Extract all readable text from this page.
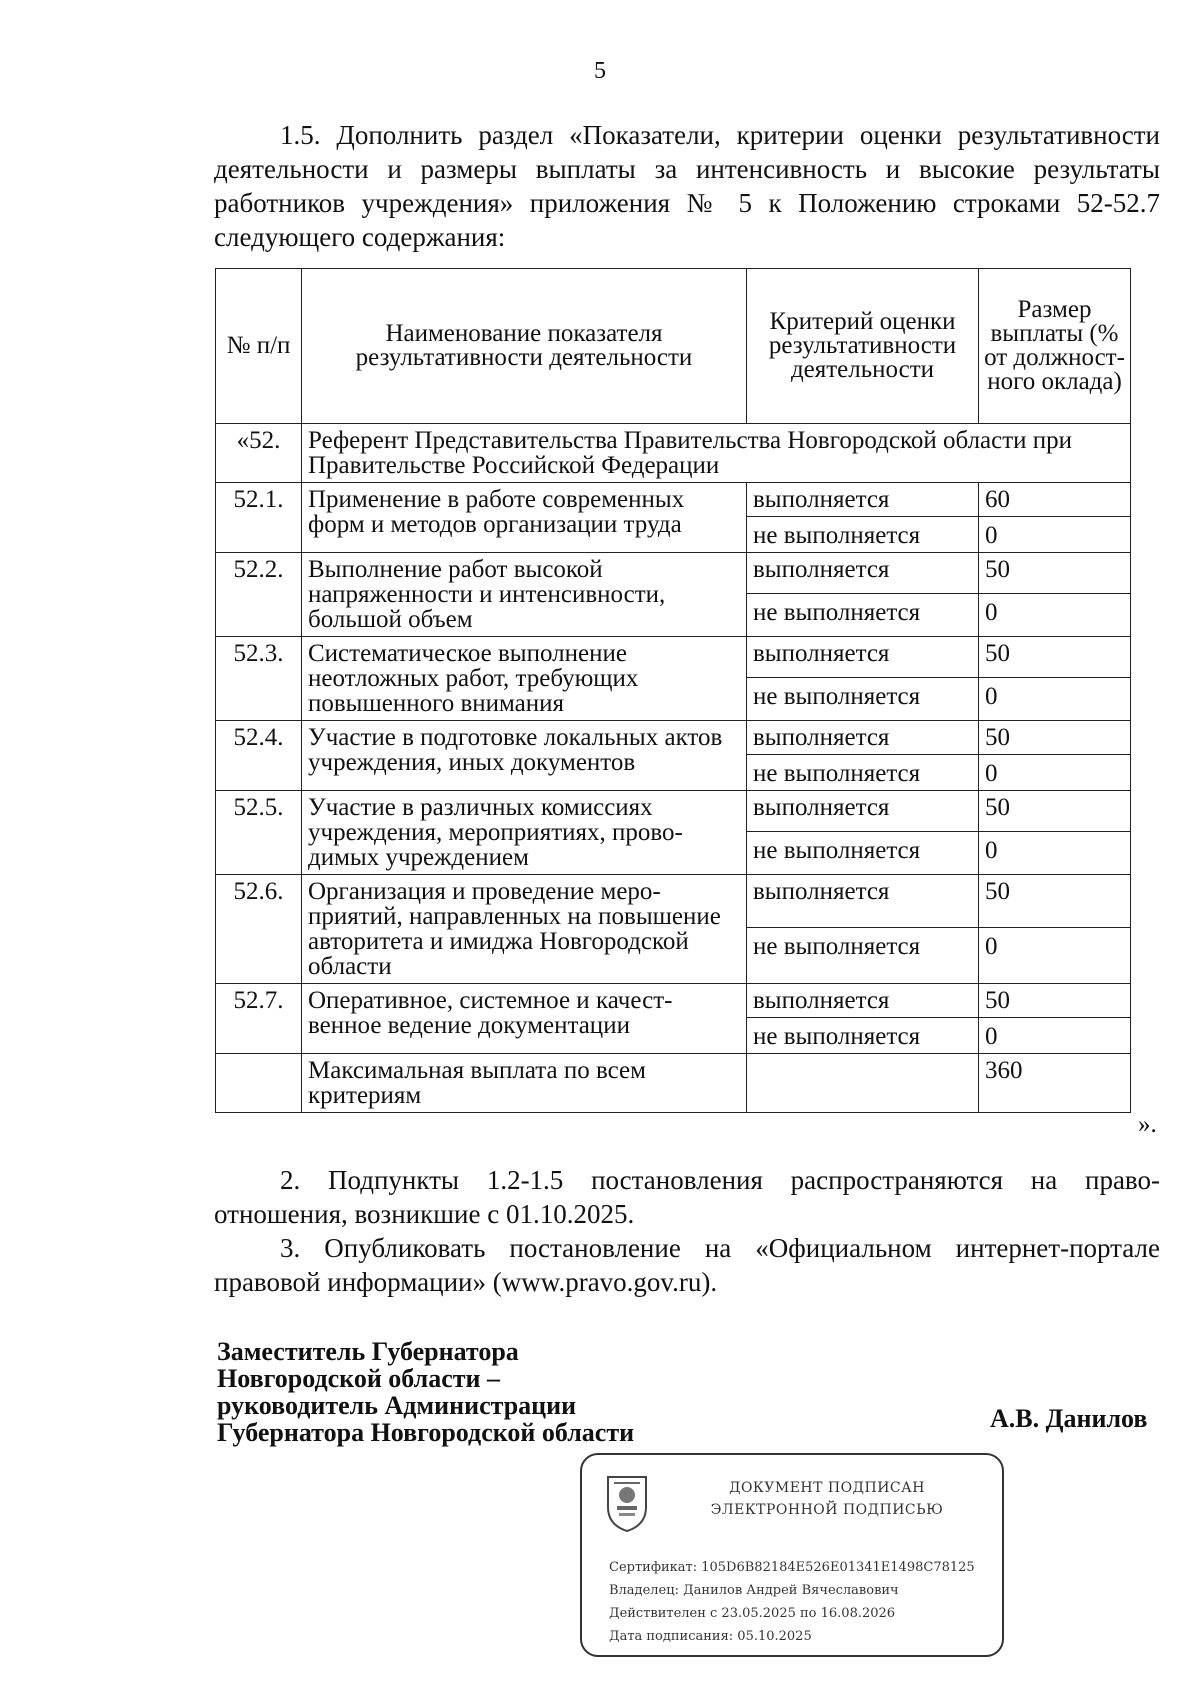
5
1.5. Дополнить раздел «Показатели, критерии оценки результативности деятельности и размеры выплаты за интенсивность и высокие результаты работников учреждения» приложения № 5 к Положению строками 52-52.7 следующего содержания:
№ п/п	Наименование показателя результативности деятельности	Критерий оценки результативности деятельности	Размер выплаты (% от должност-ного оклада)
«52.	Референт Представительства Правительства Новгородской области при Правительстве Российской Федерации		
52.1.	Применение в работе современных форм и методов организации труда	выполняется	60
		не выполняется	0
52.2.	Выполнение работ высокой напряженности и интенсивности, большой объем	выполняется	50
		не выполняется	0
52.3.	Систематическое выполнение неотложных работ, требующих повышенного внимания	выполняется	50
		не выполняется	0
52.4.	Участие в подготовке локальных актов учреждения, иных документов	выполняется	50
		не выполняется	0
52.5.	Участие в различных комиссиях учреждения, мероприятиях, прово-димых учреждением	выполняется	50
		не выполняется	0
52.6.	Организация и проведение меро-приятий, направленных на повышение авторитета и имиджа Новгородской области	выполняется	50
		не выполняется	0
52.7.	Оперативное, системное и качест-венное ведение документации	выполняется	50
		не выполняется	0
	Максимальная выплата по всем критериям		360
».
2. Подпункты 1.2-1.5 постановления распространяются на право-отношения, возникшие с 01.10.2025.
3. Опубликовать постановление на «Официальном интернет-портале правовой информации» (www.pravo.gov.ru).
Заместитель Губернатора
Новгородской области –
руководитель Администрации
Губернатора Новгородской области	А.В. Данилов
ДОКУМЕНТ ПОДПИСАН
ЭЛЕКТРОННОЙ ПОДПИСЬЮ
Сертификат: 105D6B82184E526E01341E1498C78125
Владелец: Данилов Андрей Вячеславович
Действителен с 23.05.2025 по 16.08.2026
Дата подписания: 05.10.2025
